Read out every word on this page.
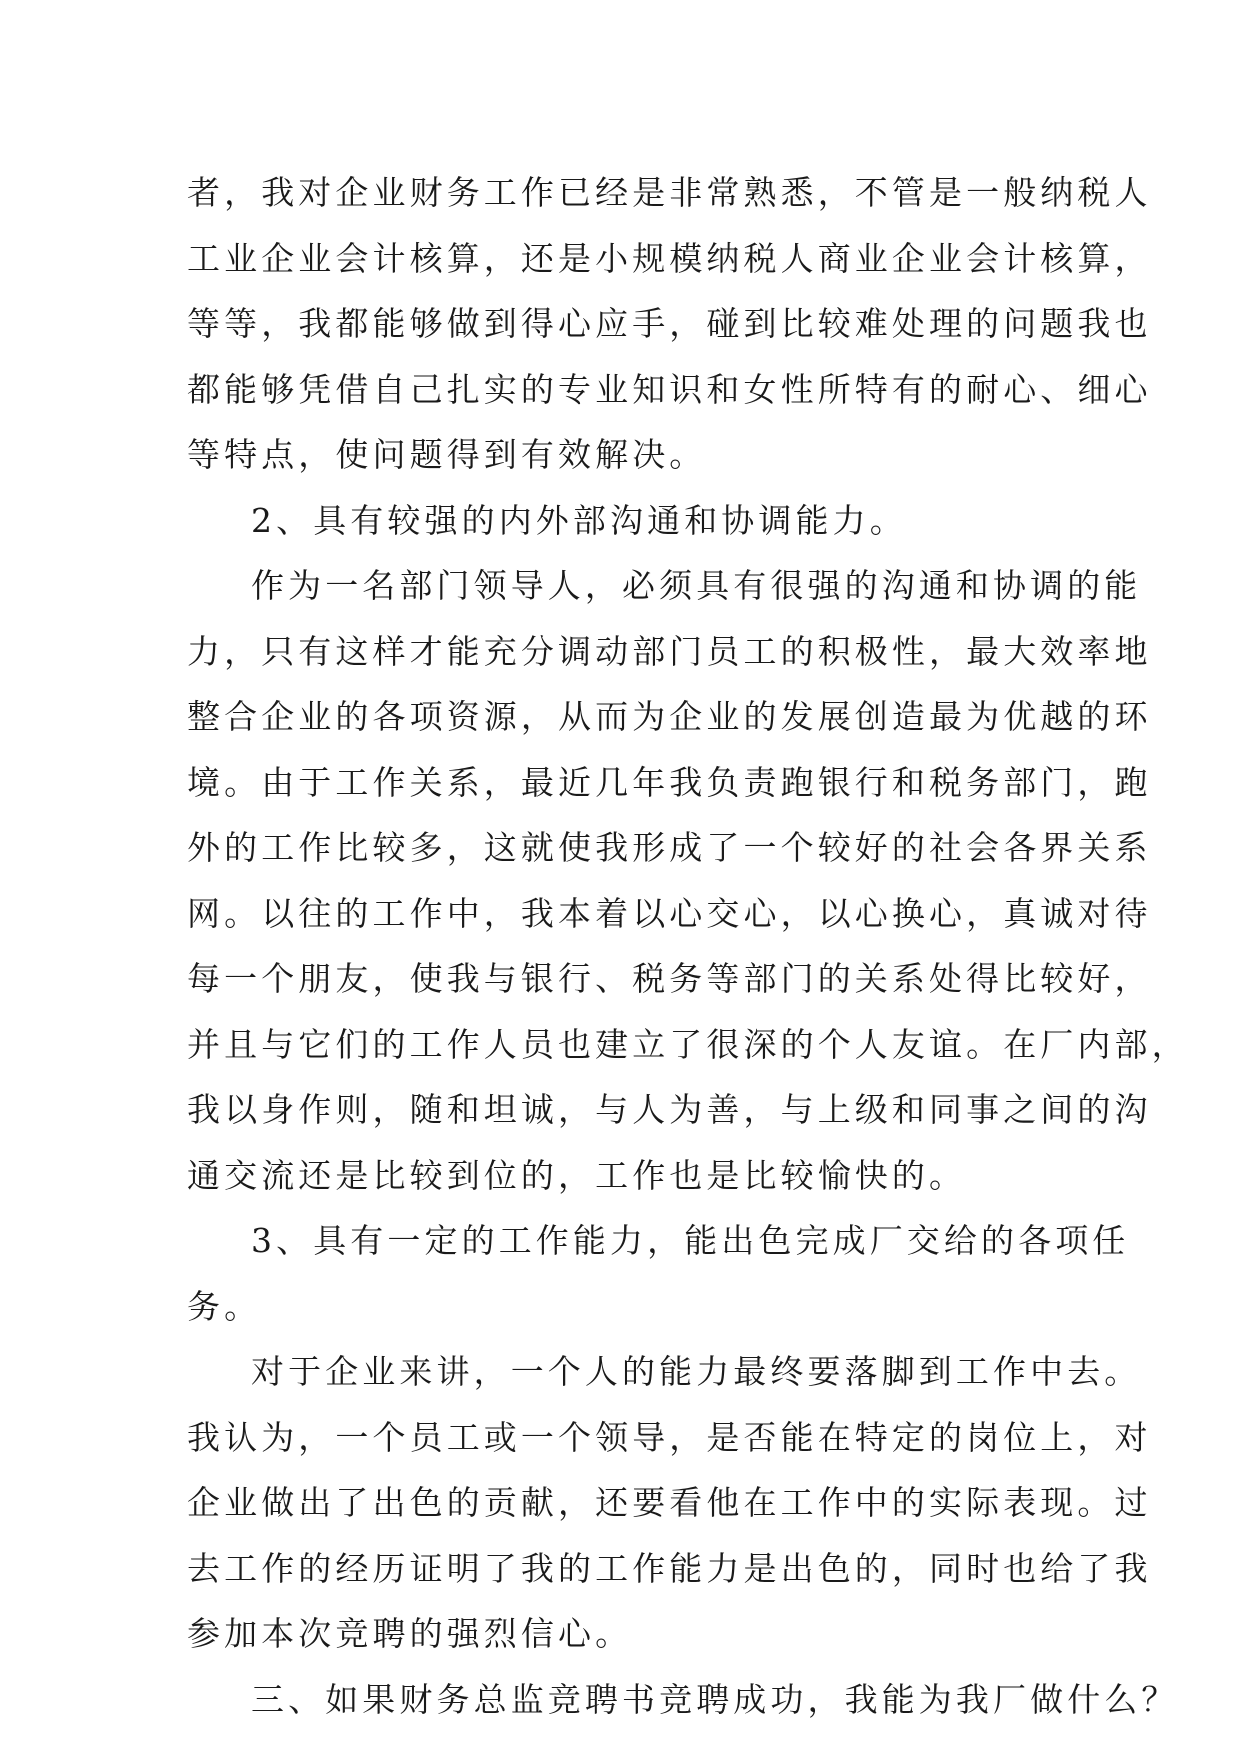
者，我对企业财务工作已经是非常熟悉，不管是一般纳税人
工业企业会计核算，还是小规模纳税人商业企业会计核算，
等等，我都能够做到得心应手，碰到比较难处理的问题我也
都能够凭借自己扎实的专业知识和女性所特有的耐心、细心
等特点，使问题得到有效解决。
2、具有较强的内外部沟通和协调能力。
作为一名部门领导人，必须具有很强的沟通和协调的能
力，只有这样才能充分调动部门员工的积极性，最大效率地
整合企业的各项资源，从而为企业的发展创造最为优越的环
境。由于工作关系，最近几年我负责跑银行和税务部门，跑
外的工作比较多，这就使我形成了一个较好的社会各界关系
网。以往的工作中，我本着以心交心，以心换心，真诚对待
每一个朋友，使我与银行、税务等部门的关系处得比较好，
并且与它们的工作人员也建立了很深的个人友谊。在厂内部，
我以身作则，随和坦诚，与人为善，与上级和同事之间的沟
通交流还是比较到位的，工作也是比较愉快的。
3、具有一定的工作能力，能出色完成厂交给的各项任
务。
对于企业来讲，一个人的能力最终要落脚到工作中去。
我认为，一个员工或一个领导，是否能在特定的岗位上，对
企业做出了出色的贡献，还要看他在工作中的实际表现。过
去工作的经历证明了我的工作能力是出色的，同时也给了我
参加本次竞聘的强烈信心。
三、如果财务总监竞聘书竞聘成功，我能为我厂做什么？
